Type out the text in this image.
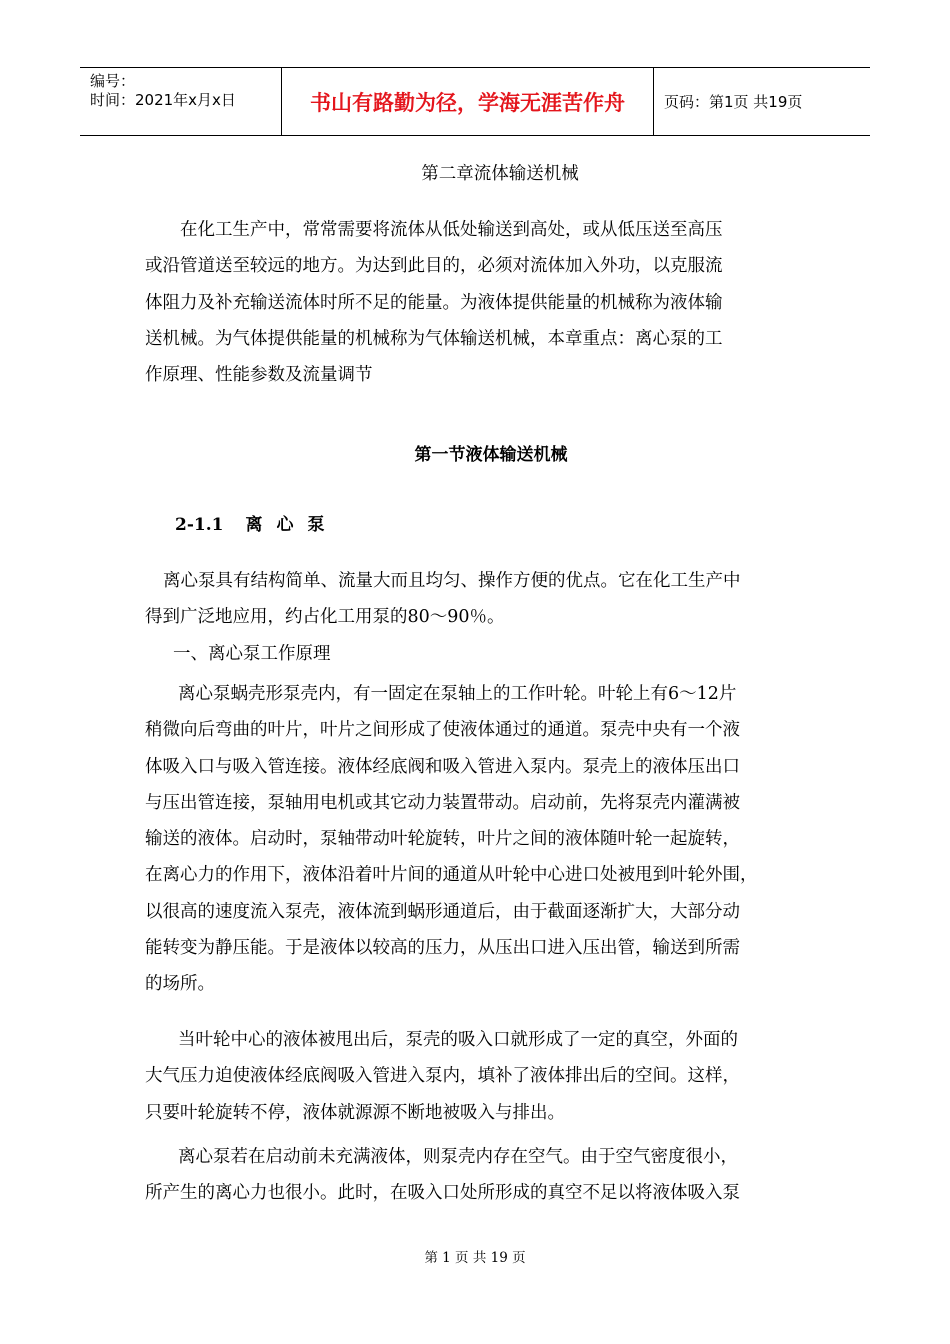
编号：
时间：2021年x月x日	书山有路勤为径，学海无涯苦作舟	页码：第1页 共19页
第二章流体输送机械
在化工生产中，常常需要将流体从低处输送到高处，或从低压送至高压
或沿管道送至较远的地方。为达到此目的，必须对流体加入外功，以克服流
体阻力及补充输送流体时所不足的能量。为液体提供能量的机械称为液体输
送机械。为气体提供能量的机械称为气体输送机械，本章重点：离心泵的工
作原理、性能参数及流量调节
第一节液体输送机械
2-1.1 离心泵
离心泵具有结构简单、流量大而且均匀、操作方便的优点。它在化工生产中
得到广泛地应用，约占化工用泵的80～90％。
一、离心泵工作原理
离心泵蜗壳形泵壳内，有一固定在泵轴上的工作叶轮。叶轮上有6～12片
稍微向后弯曲的叶片，叶片之间形成了使液体通过的通道。泵壳中央有一个液
体吸入口与吸入管连接。液体经底阀和吸入管进入泵内。泵壳上的液体压出口
与压出管连接，泵轴用电机或其它动力装置带动。启动前，先将泵壳内灌满被
输送的液体。启动时，泵轴带动叶轮旋转，叶片之间的液体随叶轮一起旋转，
在离心力的作用下，液体沿着叶片间的通道从叶轮中心进口处被甩到叶轮外围，
以很高的速度流入泵壳，液体流到蜗形通道后，由于截面逐渐扩大，大部分动
能转变为静压能。于是液体以较高的压力，从压出口进入压出管，输送到所需
的场所。
当叶轮中心的液体被甩出后，泵壳的吸入口就形成了一定的真空，外面的
大气压力迫使液体经底阀吸入管进入泵内，填补了液体排出后的空间。这样，
只要叶轮旋转不停，液体就源源不断地被吸入与排出。
离心泵若在启动前未充满液体，则泵壳内存在空气。由于空气密度很小，
所产生的离心力也很小。此时，在吸入口处所形成的真空不足以将液体吸入泵
第 1 页 共 19 页
